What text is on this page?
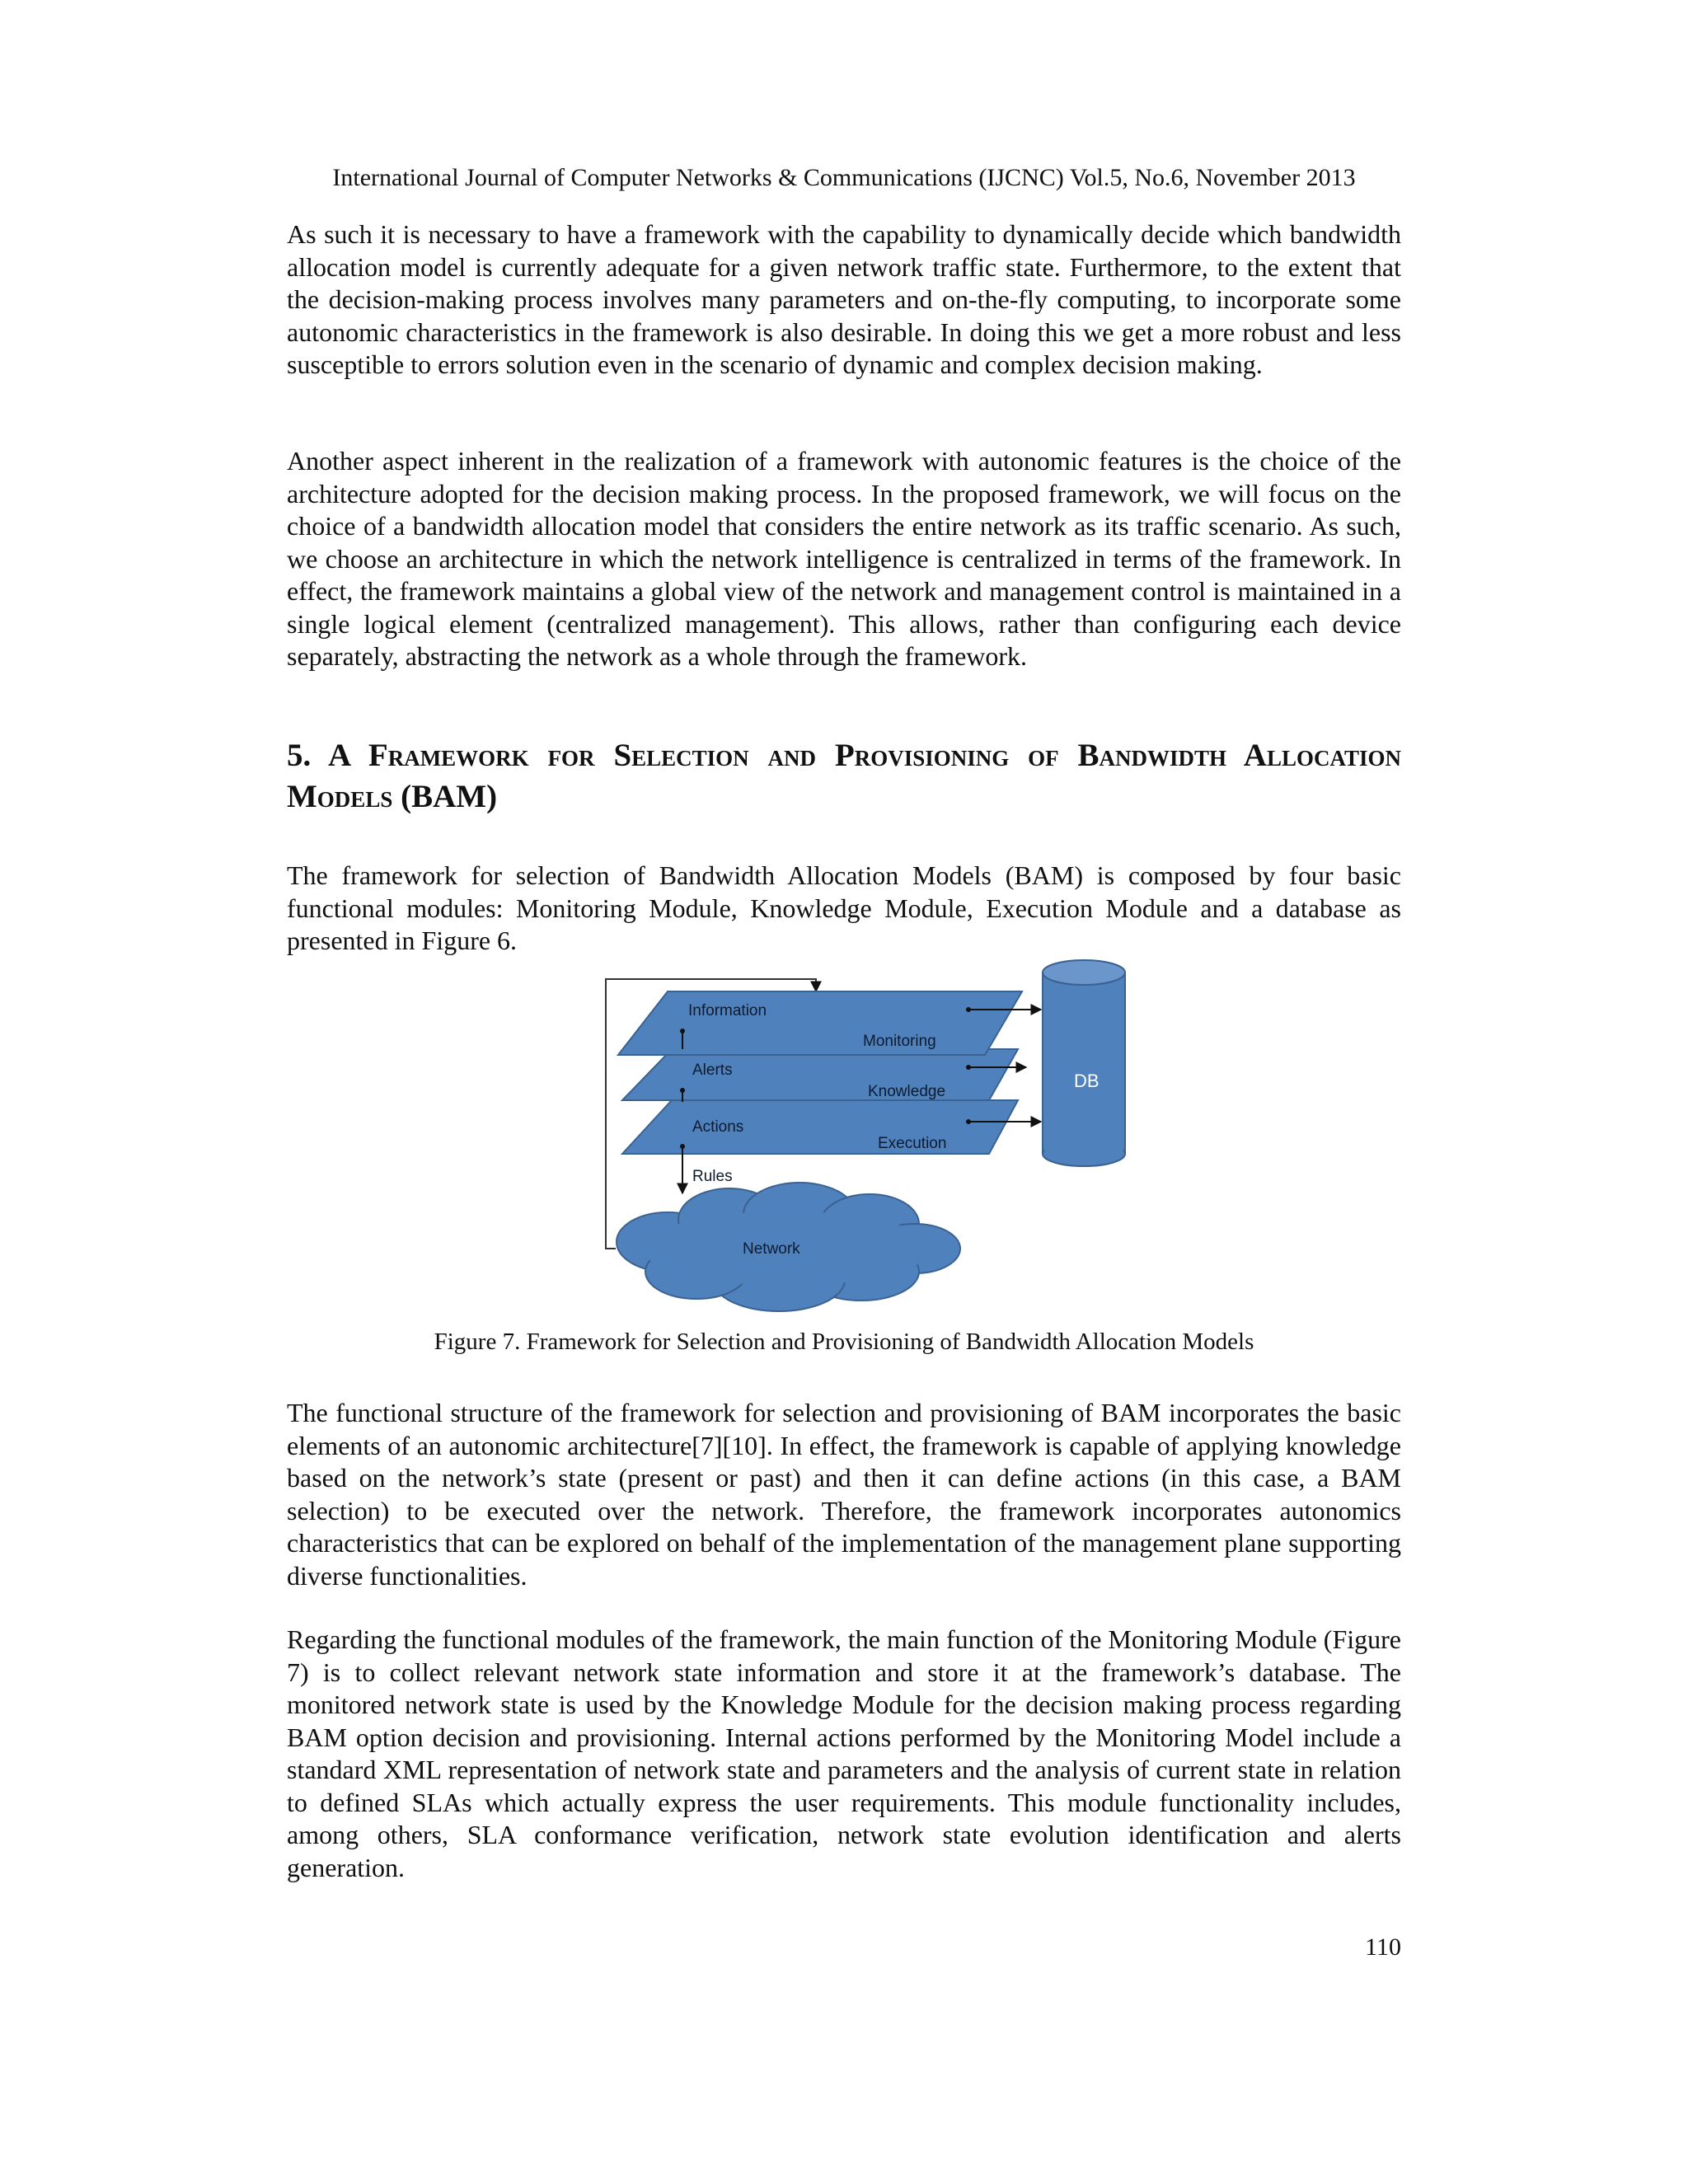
International Journal of Computer Networks & Communications (IJCNC) Vol.5, No.6, November 2013

As such it is necessary to have a framework with the capability to dynamically decide which bandwidth allocation model is currently adequate for a given network traffic state. Furthermore, to the extent that the decision-making process involves many parameters and on-the-fly computing, to incorporate some autonomic characteristics in the framework is also desirable. In doing this we get a more robust and less susceptible to errors solution even in the scenario of dynamic and complex decision making.

Another aspect inherent in the realization of a framework with autonomic features is the choice of the architecture adopted for the decision making process. In the proposed framework, we will focus on the choice of a bandwidth allocation model that considers the entire network as its traffic scenario. As such, we choose an architecture in which the network intelligence is centralized in terms of the framework. In effect, the framework maintains a global view of the network and management control is maintained in a single logical element (centralized management). This allows, rather than configuring each device separately, abstracting the network as a whole through the framework.

5. A Framework for Selection and Provisioning of Bandwidth Allocation Models (BAM)

The framework for selection of Bandwidth Allocation Models (BAM) is composed by four basic functional modules: Monitoring Module, Knowledge Module, Execution Module and a database as presented in Figure 6.

DB
Actions
Execution
Alerts
Knowledge
Information
Monitoring
Rules
Network
Figure 7. Framework for Selection and Provisioning of Bandwidth Allocation Models

The functional structure of the framework for selection and provisioning of BAM incorporates the basic elements of an autonomic architecture[7][10]. In effect, the framework is capable of applying knowledge based on the network’s state (present or past) and then it can define actions (in this case, a BAM selection) to be executed over the network. Therefore, the framework incorporates autonomics characteristics that can be explored on behalf of the implementation of the management plane supporting diverse functionalities.

Regarding the functional modules of the framework, the main function of the Monitoring Module (Figure 7) is to collect relevant network state information and store it at the framework’s database. The monitored network state is used by the Knowledge Module for the decision making process regarding BAM option decision and provisioning. Internal actions performed by the Monitoring Model include a standard XML representation of network state and parameters and the analysis of current state in relation to defined SLAs which actually express the user requirements. This module functionality includes, among others, SLA conformance verification, network state evolution identification and alerts generation.

110
